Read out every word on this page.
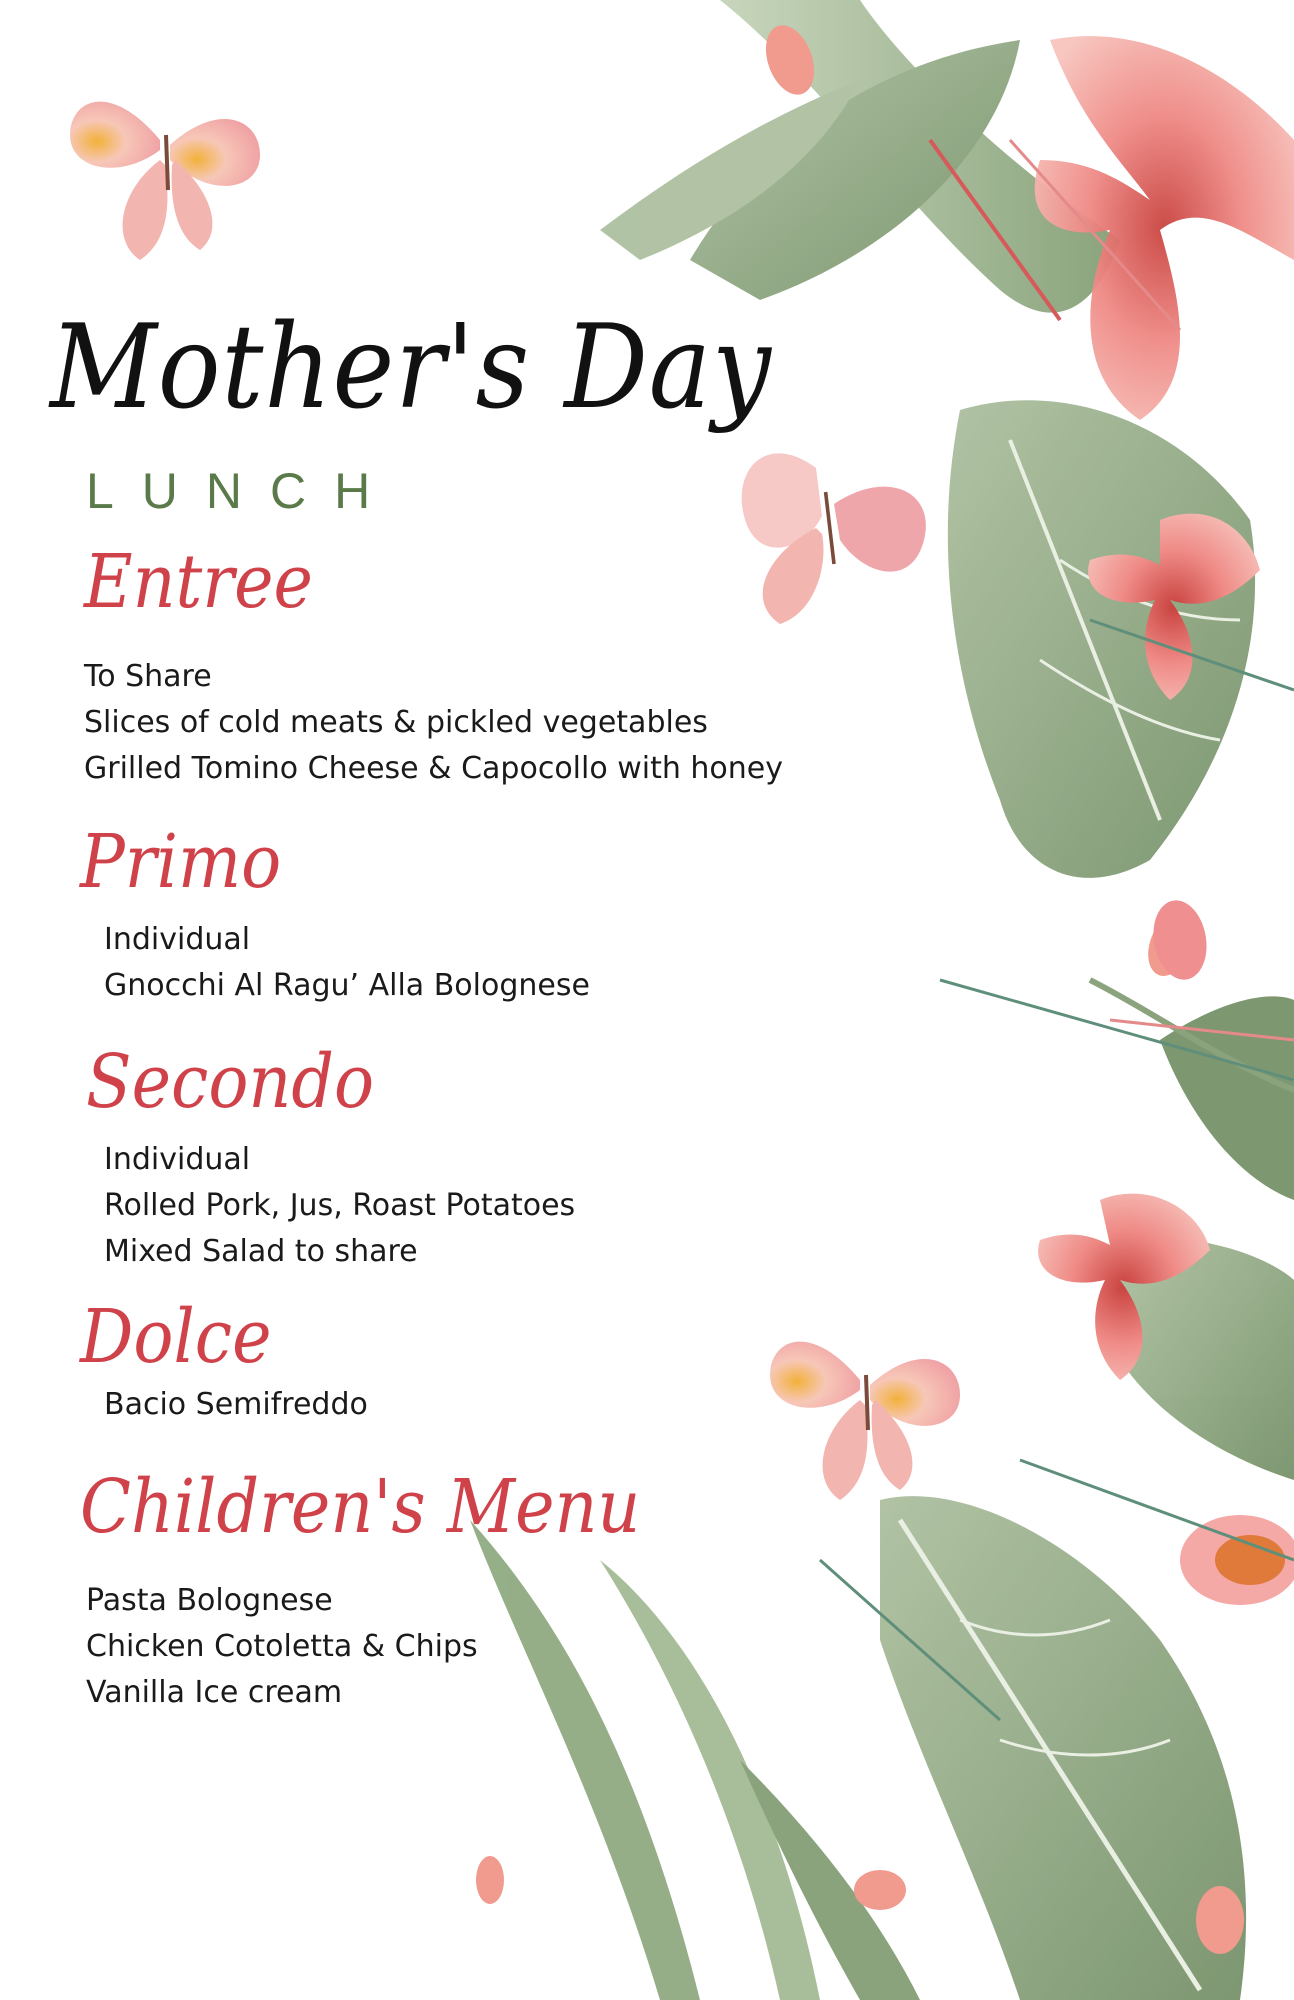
Mother's Day
LUNCH
Entree
To Share
Slices of cold meats & pickled vegetables
Grilled Tomino Cheese & Capocollo with honey
Primo
Individual
Gnocchi Al Ragu’ Alla Bolognese
Secondo
Individual
Rolled Pork, Jus, Roast Potatoes
Mixed Salad to share
Dolce
Bacio Semifreddo
Children's Menu
Pasta Bolognese
Chicken Cotoletta & Chips
Vanilla Ice cream
